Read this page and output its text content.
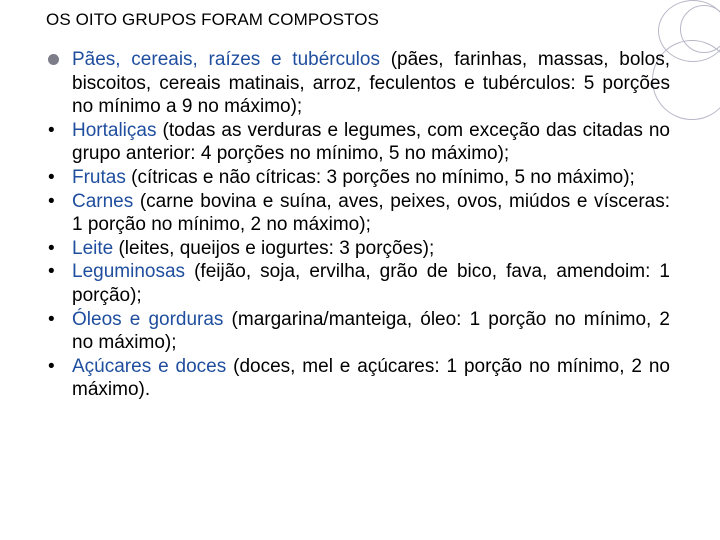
OS OITO GRUPOS FORAM COMPOSTOS

Pães, cereais, raízes e tubérculos (pães, farinhas, massas, bolos, biscoitos, cereais matinais, arroz, feculentos e tubérculos: 5 porções no mínimo a 9 no máximo);

• Hortaliças (todas as verduras e legumes, com exceção das citadas no grupo anterior: 4 porções no mínimo, 5 no máximo);

• Frutas (cítricas e não cítricas: 3 porções no mínimo, 5 no máximo);

• Carnes (carne bovina e suína, aves, peixes, ovos, miúdos e vísceras: 1 porção no mínimo, 2 no máximo);

• Leite (leites, queijos e iogurtes: 3 porções);

• Leguminosas (feijão, soja, ervilha, grão de bico, fava, amendoim: 1 porção);

• Óleos e gorduras (margarina/manteiga, óleo: 1 porção no mínimo, 2 no máximo);

• Açúcares e doces (doces, mel e açúcares: 1 porção no mínimo, 2 no máximo).
